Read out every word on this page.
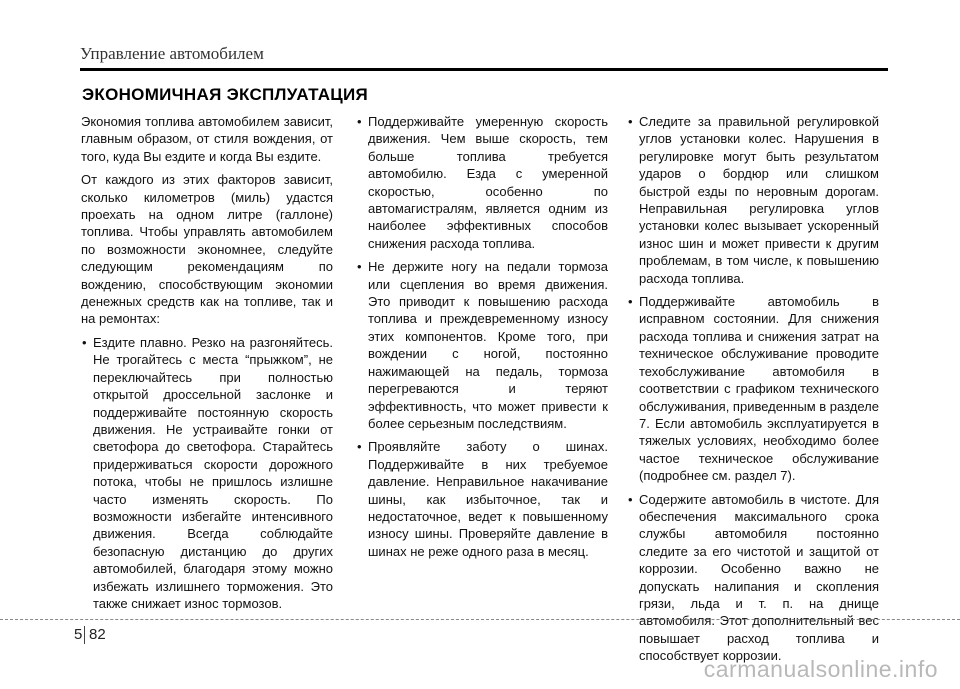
Управление автомобилем
ЭКОНОМИЧНАЯ ЭКСПЛУАТАЦИЯ

Экономия топлива автомобилем зависит, главным образом, от стиля вождения, от того, куда Вы ездите и когда Вы ездите.

От каждого из этих факторов зависит, сколько километров (миль) удастся проехать на одном литре (галлоне) топлива. Чтобы управлять автомобилем по возможности экономнее, следуйте следующим рекомендациям по вождению, способствующим экономии денежных средств как на топливе, так и на ремонтах:

• Ездите плавно. Резко на разгоняйтесь. Не трогайтесь с места “прыжком”, не переключайтесь при полностью открытой дроссельной заслонке и поддерживайте постоянную скорость движения. Не устраивайте гонки от светофора до светофора. Старайтесь придерживаться скорости дорожного потока, чтобы не пришлось излишне часто изменять скорость. По возможности избегайте интенсивного движения. Всегда соблюдайте безопасную дистанцию до других автомобилей, благодаря этому можно избежать излишнего торможения. Это также снижает износ тормозов.
• Поддерживайте умеренную скорость движения. Чем выше скорость, тем больше топлива требуется автомобилю. Езда с умеренной скоростью, особенно по автомагистралям, является одним из наиболее эффективных способов снижения расхода топлива.
• Не держите ногу на педали тормоза или сцепления во время движения. Это приводит к повышению расхода топлива и преждевременному износу этих компонентов. Кроме того, при вождении с ногой, постоянно нажимающей на педаль, тормоза перегреваются и теряют эффективность, что может привести к более серьезным последствиям.
• Проявляйте заботу о шинах. Поддерживайте в них требуемое давление. Неправильное накачивание шины, как избыточное, так и недостаточное, ведет к повышенному износу шины. Проверяйте давление в шинах не реже одного раза в месяц.
• Следите за правильной регулировкой углов установки колес. Нарушения в регулировке могут быть результатом ударов о бордюр или слишком быстрой езды по неровным дорогам. Неправильная регулировка углов установки колес вызывает ускоренный износ шин и может привести к другим проблемам, в том числе, к повышению расхода топлива.
• Поддерживайте автомобиль в исправном состоянии. Для снижения расхода топлива и снижения затрат на техническое обслуживание проводите техобслуживание автомобиля в соответствии с графиком технического обслуживания, приведенным в разделе 7. Если автомобиль эксплуатируется в тяжелых условиях, необходимо более частое техническое обслуживание (подробнее см. раздел 7).
• Содержите автомобиль в чистоте. Для обеспечения максимального срока службы автомобиля постоянно следите за его чистотой и защитой от коррозии. Особенно важно не допускать налипания и скопления грязи, льда и т. п. на днище автомобиля. Этот дополнительный вес повышает расход топлива и способствует коррозии.
5 82
carmanualsonline.info
